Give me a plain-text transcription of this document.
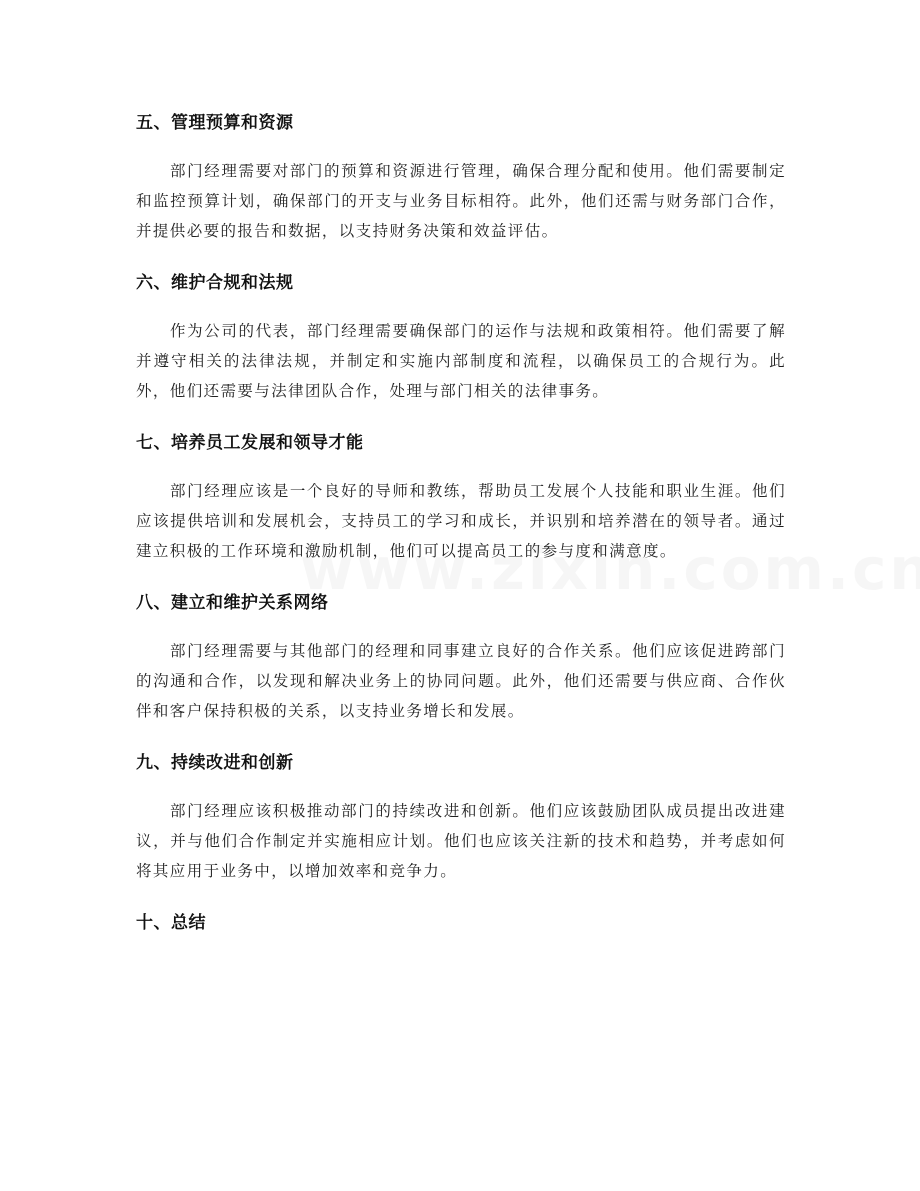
五、管理预算和资源

部门经理需要对部门的预算和资源进行管理，确保合理分配和使用。他们需要制定和监控预算计划，确保部门的开支与业务目标相符。此外，他们还需与财务部门合作，并提供必要的报告和数据，以支持财务决策和效益评估。

六、维护合规和法规

作为公司的代表，部门经理需要确保部门的运作与法规和政策相符。他们需要了解并遵守相关的法律法规，并制定和实施内部制度和流程，以确保员工的合规行为。此外，他们还需要与法律团队合作，处理与部门相关的法律事务。

七、培养员工发展和领导才能

部门经理应该是一个良好的导师和教练，帮助员工发展个人技能和职业生涯。他们应该提供培训和发展机会，支持员工的学习和成长，并识别和培养潜在的领导者。通过建立积极的工作环境和激励机制，他们可以提高员工的参与度和满意度。

八、建立和维护关系网络

部门经理需要与其他部门的经理和同事建立良好的合作关系。他们应该促进跨部门的沟通和合作，以发现和解决业务上的协同问题。此外，他们还需要与供应商、合作伙伴和客户保持积极的关系，以支持业务增长和发展。

九、持续改进和创新

部门经理应该积极推动部门的持续改进和创新。他们应该鼓励团队成员提出改进建议，并与他们合作制定并实施相应计划。他们也应该关注新的技术和趋势，并考虑如何将其应用于业务中，以增加效率和竞争力。

十、总结
